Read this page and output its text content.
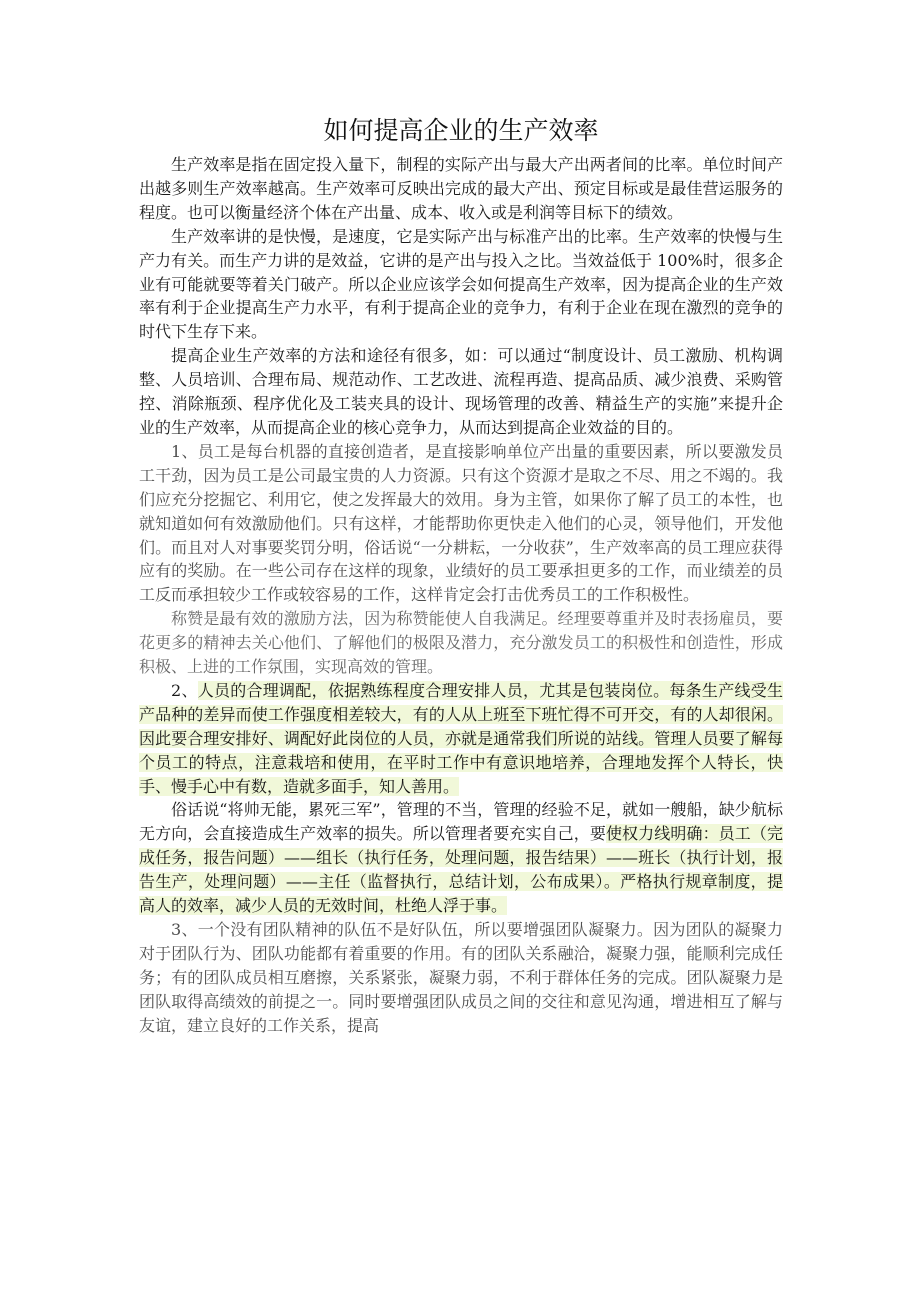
如何提高企业的生产效率

生产效率是指在固定投入量下，制程的实际产出与最大产出两者间的比率。单位时间产出越多则生产效率越高。生产效率可反映出完成的最大产出、预定目标或是最佳营运服务的程度。也可以衡量经济个体在产出量、成本、收入或是利润等目标下的绩效。

生产效率讲的是快慢，是速度，它是实际产出与标准产出的比率。生产效率的快慢与生产力有关。而生产力讲的是效益，它讲的是产出与投入之比。当效益低于 100%时，很多企业有可能就要等着关门破产。所以企业应该学会如何提高生产效率，因为提高企业的生产效率有利于企业提高生产力水平，有利于提高企业的竞争力，有利于企业在现在激烈的竞争的时代下生存下来。

提高企业生产效率的方法和途径有很多，如：可以通过“制度设计、员工激励、机构调整、人员培训、合理布局、规范动作、工艺改进、流程再造、提高品质、减少浪费、采购管控、消除瓶颈、程序优化及工装夹具的设计、现场管理的改善、精益生产的实施”来提升企业的生产效率，从而提高企业的核心竞争力，从而达到提高企业效益的目的。

1、员工是每台机器的直接创造者，是直接影响单位产出量的重要因素，所以要激发员工干劲，因为员工是公司最宝贵的人力资源。只有这个资源才是取之不尽、用之不竭的。我们应充分挖掘它、利用它，使之发挥最大的效用。身为主管，如果你了解了员工的本性，也就知道如何有效激励他们。只有这样，才能帮助你更快走入他们的心灵，领导他们，开发他们。而且对人对事要奖罚分明，俗话说“一分耕耘，一分收获”，生产效率高的员工理应获得应有的奖励。在一些公司存在这样的现象，业绩好的员工要承担更多的工作，而业绩差的员工反而承担较少工作或较容易的工作，这样肯定会打击优秀员工的工作积极性。

称赞是最有效的激励方法，因为称赞能使人自我满足。经理要尊重并及时表扬雇员，要花更多的精神去关心他们、了解他们的极限及潜力，充分激发员工的积极性和创造性，形成积极、上进的工作氛围，实现高效的管理。

2、人员的合理调配，依据熟练程度合理安排人员，尤其是包装岗位。每条生产线受生产品种的差异而使工作强度相差较大，有的人从上班至下班忙得不可开交，有的人却很闲。因此要合理安排好、调配好此岗位的人员，亦就是通常我们所说的站线。管理人员要了解每个员工的特点，注意栽培和使用，在平时工作中有意识地培养，合理地发挥个人特长，快手、慢手心中有数，造就多面手，知人善用。

俗话说“将帅无能，累死三军”，管理的不当，管理的经验不足，就如一艘船，缺少航标无方向，会直接造成生产效率的损失。所以管理者要充实自己，要使权力线明确：员工（完成任务，报告问题）——组长（执行任务，处理问题，报告结果）——班长（执行计划，报告生产，处理问题）——主任（监督执行，总结计划，公布成果）。严格执行规章制度，提高人的效率，减少人员的无效时间，杜绝人浮于事。

3、一个没有团队精神的队伍不是好队伍，所以要增强团队凝聚力。因为团队的凝聚力对于团队行为、团队功能都有着重要的作用。有的团队关系融洽，凝聚力强，能顺利完成任务；有的团队成员相互磨擦，关系紧张，凝聚力弱，不利于群体任务的完成。团队凝聚力是团队取得高绩效的前提之一。同时要增强团队成员之间的交往和意见沟通，增进相互了解与友谊，建立良好的工作关系，提高
